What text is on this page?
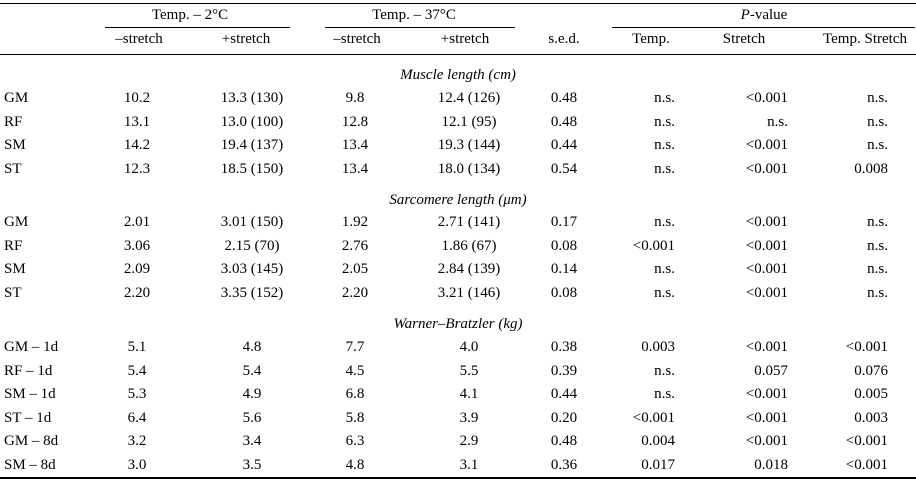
Temp. – 2°C	Temp. – 37°C	P-value
–stretch	+stretch	–stretch	+stretch	s.e.d.	Temp.	Stretch	Temp. Stretch
Muscle length (cm)
GM	10.2	13.3 (130)	9.8	12.4 (126)	0.48	n.s.	<0.001	n.s.
RF	13.1	13.0 (100)	12.8	12.1 (95)	0.48	n.s.	n.s.	n.s.
SM	14.2	19.4 (137)	13.4	19.3 (144)	0.44	n.s.	<0.001	n.s.
ST	12.3	18.5 (150)	13.4	18.0 (134)	0.54	n.s.	<0.001	0.008
Sarcomere length (μm)
GM	2.01	3.01 (150)	1.92	2.71 (141)	0.17	n.s.	<0.001	n.s.
RF	3.06	2.15 (70)	2.76	1.86 (67)	0.08	<0.001	<0.001	n.s.
SM	2.09	3.03 (145)	2.05	2.84 (139)	0.14	n.s.	<0.001	n.s.
ST	2.20	3.35 (152)	2.20	3.21 (146)	0.08	n.s.	<0.001	n.s.
Warner–Bratzler (kg)
GM – 1d	5.1	4.8	7.7	4.0	0.38	0.003	<0.001	<0.001
RF – 1d	5.4	5.4	4.5	5.5	0.39	n.s.	0.057	0.076
SM – 1d	5.3	4.9	6.8	4.1	0.44	n.s.	<0.001	0.005
ST – 1d	6.4	5.6	5.8	3.9	0.20	<0.001	<0.001	0.003
GM – 8d	3.2	3.4	6.3	2.9	0.48	0.004	<0.001	<0.001
SM – 8d	3.0	3.5	4.8	3.1	0.36	0.017	0.018	<0.001
